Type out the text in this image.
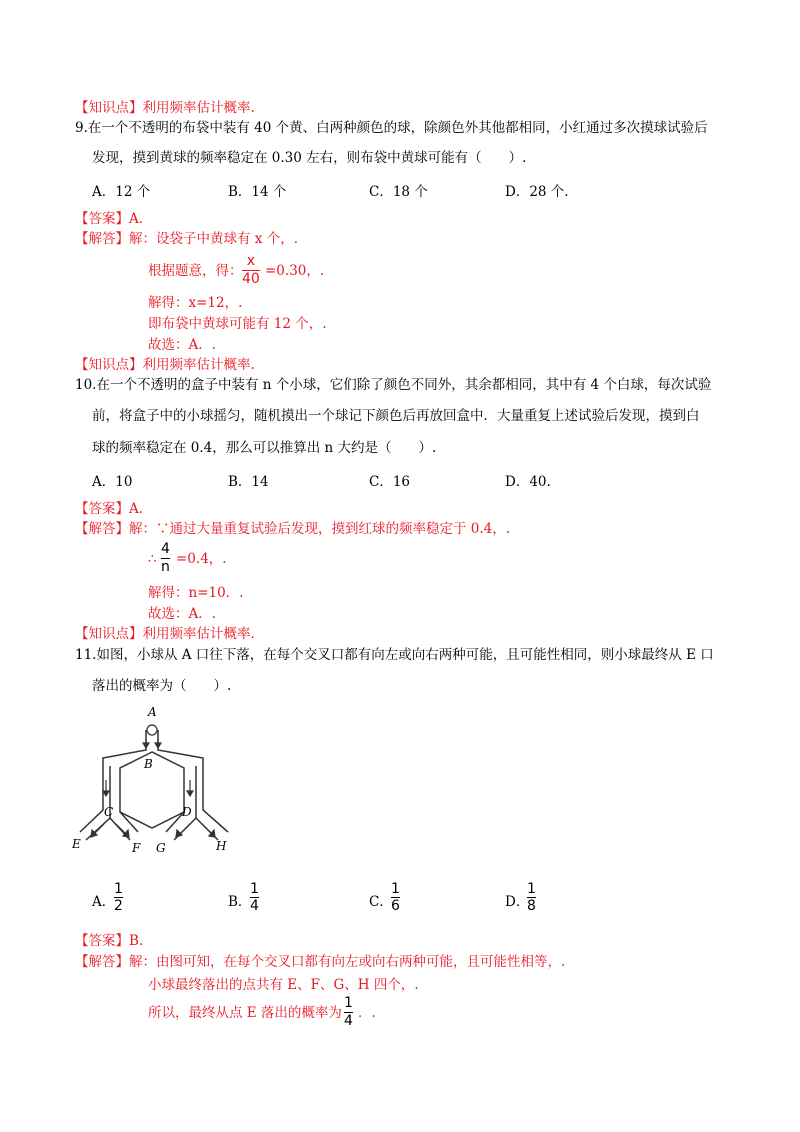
【知识点】利用频率估计概率.
9.在一个不透明的布袋中装有 40 个黄、白两种颜色的球，除颜色外其他都相同，小红通过多次摸球试验后
发现，摸到黄球的频率稳定在 0.30 左右，则布袋中黄球可能有（　　）.
A．12 个	B．14 个	C．18 个	D．28 个.
【答案】A.
【解答】解：设袋子中黄球有 x 个，.
根据题意，得：
x
40 =0.30，.
解得：x=12，.
即布袋中黄球可能有 12 个，.
故选：A．.
【知识点】利用频率估计概率.
10.在一个不透明的盒子中装有 n 个小球，它们除了颜色不同外，其余都相同，其中有 4 个白球，每次试验
前，将盒子中的小球摇匀，随机摸出一个球记下颜色后再放回盒中．大量重复上述试验后发现，摸到白
球的频率稳定在 0.4，那么可以推算出 n 大约是（　　）.
A．10	B．14	C．16	D．40.
【答案】A.
【解答】解：∵通过大量重复试验后发现，摸到红球的频率稳定于 0.4，.
∴
4
n =0.4，.
解得：n=10．.
故选：A．.
【知识点】利用频率估计概率.
11.如图，小球从 A 口往下落，在每个交叉口都有向左或向右两种可能，且可能性相同，则小球最终从 E 口
落出的概率为（　　）.
A
B
C	D
E	F G	H
A．
1
2	B．
1
4	C．
1
6	D．
1
8
【答案】B.
【解答】解：由图可知，在每个交叉口都有向左或向右两种可能，且可能性相等，.
小球最终落出的点共有 E、F、G、H 四个，.
所以，最终从点 E 落出的概率为
1
4 ．.
